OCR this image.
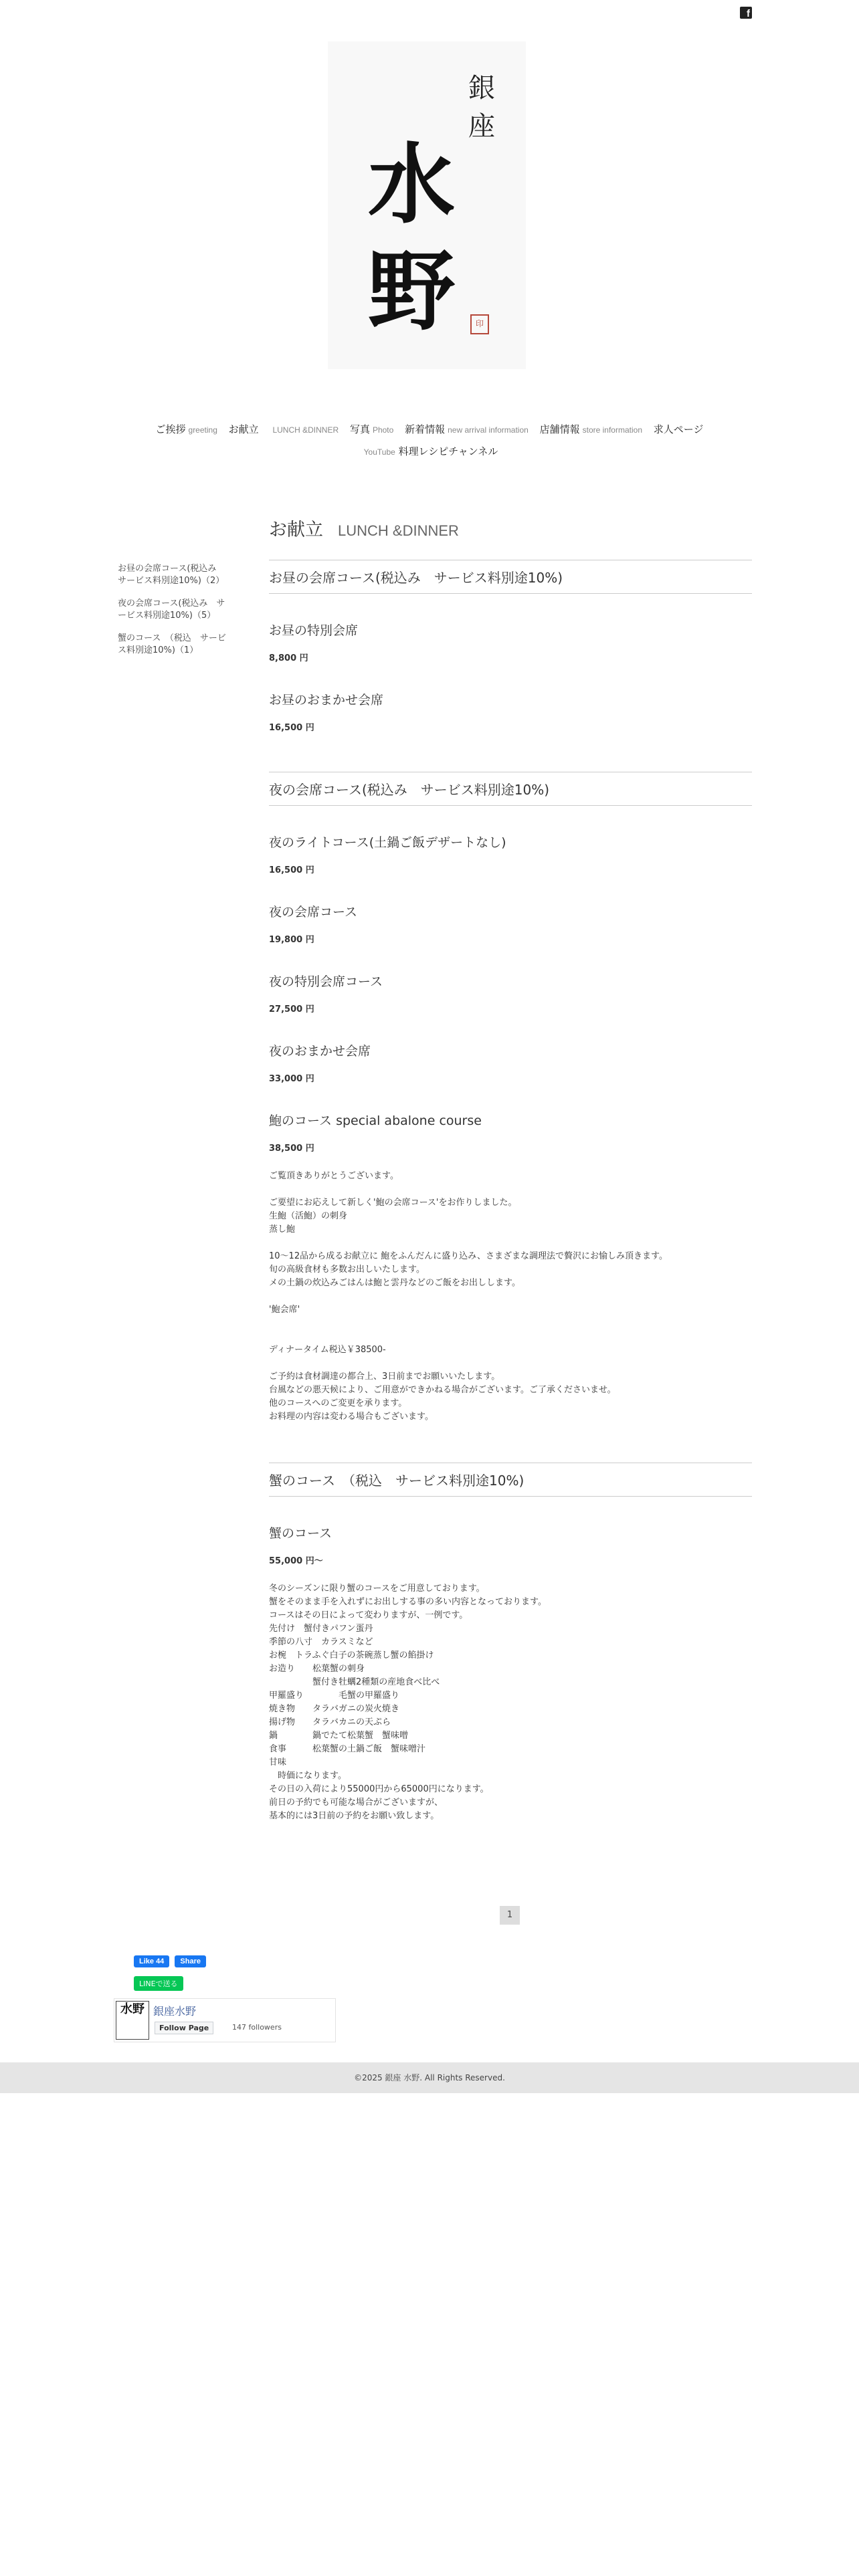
f
銀
座
水
野	印
ご挨拶 greeting お献立 LUNCH &DINNER 写真 Photo 新着情報 new arrival information 店舗情報 store information 求人ページ
YouTube 料理レシピチャンネル
お昼の会席コース(税込み　サービス料別途10%)（2）
夜の会席コース(税込み　サービス料別途10%)（5）
蟹のコース　（税込　サービス料別途10%)（1）
お献立 LUNCH &DINNER
お昼の会席コース(税込み　サービス料別途10%)
お昼の特別会席
8,800 円
お昼のおまかせ会席
16,500 円
夜の会席コース(税込み　サービス料別途10%)
夜のライトコース(土鍋ご飯デザートなし)
16,500 円
夜の会席コース
19,800 円
夜の特別会席コース
27,500 円
夜のおまかせ会席
33,000 円
鮑のコース special abalone course
38,500 円
ご覧頂きありがとうございます。

ご要望にお応えして新しく'鮑の会席コース'をお作りしました。
生鮑（活鮑）の刺身
蒸し鮑

10〜12品から成るお献立に 鮑をふんだんに盛り込み、さまざまな調理法で贅沢にお愉しみ頂きます。
旬の高級食材も多数お出しいたします。
メの土鍋の炊込みごはんは鮑と雲丹などのご飯をお出しします。

'鮑会席'

ディナータイム税込￥38500-

ご予約は食材調達の都合上、3日前までお願いいたします。
台風などの悪天候により、ご用意ができかねる場合がございます。ご了承くださいませ。
他のコースへのご変更を承ります。
お料理の内容は変わる場合もございます。
蟹のコース　（税込　サービス料別途10%)
蟹のコース
55,000 円〜
冬のシーズンに限り蟹のコースをご用意しております。
蟹をそのまま手を入れずにお出しする事の多い内容となっております。
コースはその日によって変わりますが、一例です。
先付け　蟹付きパフン蛋丹
季節の八寸　カラスミなど
お椀　トラふぐ白子の茶碗蒸し蟹の餡掛け
お造り　　松葉蟹の刺身
　　　　　蟹付き牡蠣2種類の産地食べ比べ
甲羅盛り　　　　毛蟹の甲羅盛り
焼き物　　タラバガニの炭火焼き
揚げ物　　タラバカニの天ぷら
鍋　　　　鍋でたて松葉蟹　蟹味噌
食事　　　松葉蟹の土鍋ご飯　蟹味噌汁
甘味
　時価になります。
その日の入荷により55000円から65000円になります。
前日の予約でも可能な場合がございますが、
基本的には3日前の予約をお願い致します。
1
Like 44 Share
LINEで送る
水野 銀座水野
Follow Page	147 followers
©2025 銀座 水野. All Rights Reserved.
